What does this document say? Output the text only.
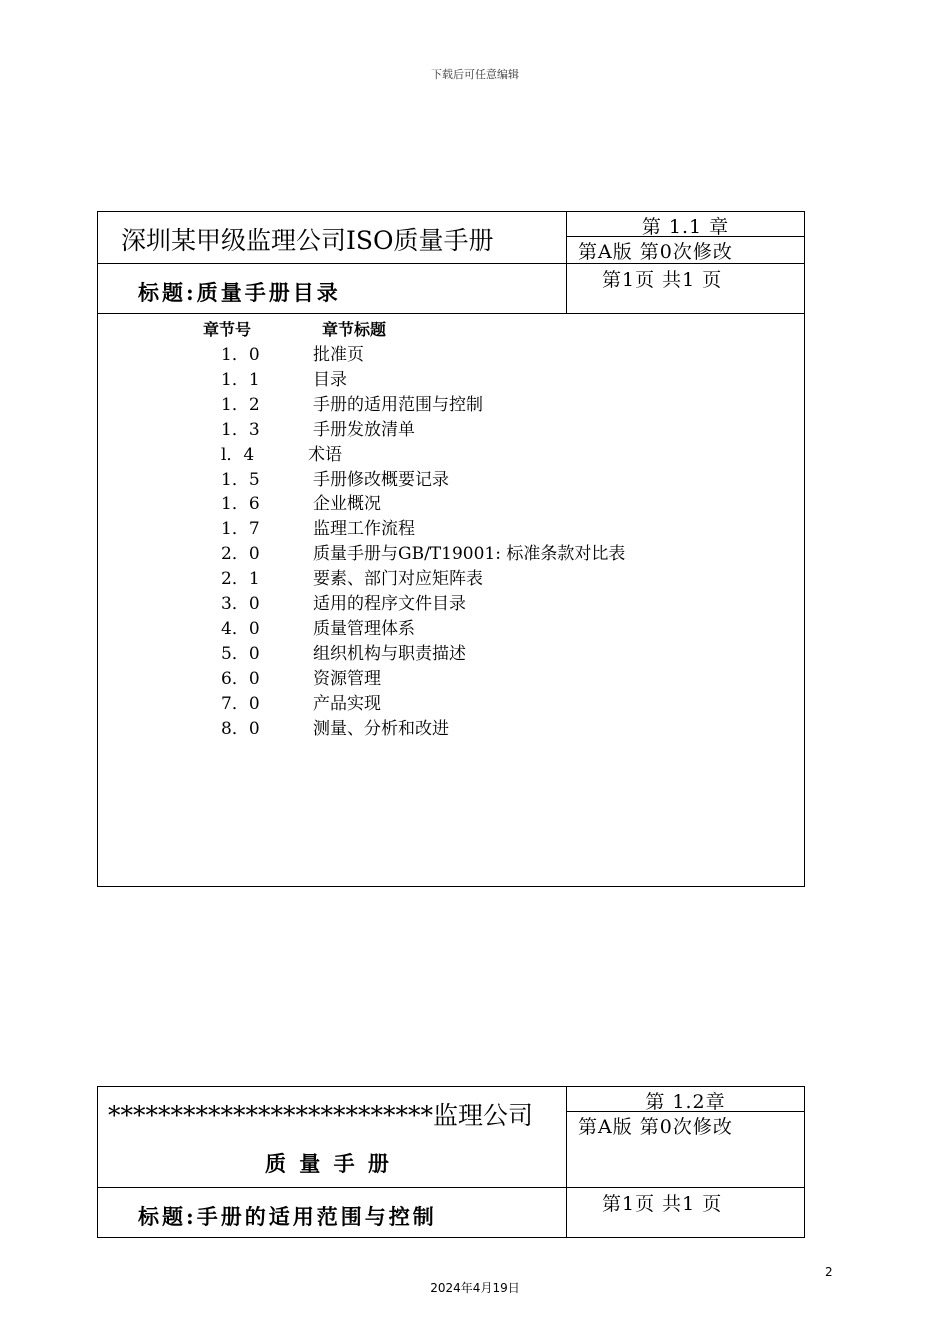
下载后可任意编辑
深圳某甲级监理公司ISO质量手册	第 1.1 章
第A版 第0次修改
第1页 共1 页
标题:质量手册目录
章节号	章节标题
1．0	批准页
1．1	目录
1．2	手册的适用范围与控制
1．3	手册发放清单
l．4	术语
1．5	手册修改概要记录
1．6	企业概况
1．7	监理工作流程
2．0	质量手册与GB/T19001: 标准条款对比表
2．1	要素、部门对应矩阵表
3．0	适用的程序文件目录
4．0	质量管理体系
5．0	组织机构与职责描述
6．0	资源管理
7．0	产品实现
8．0	测量、分析和改进
**************************监理公司
质 量 手 册
第 1.2章
第A版 第0次修改
第1页 共1 页
标题:手册的适用范围与控制
2
2024年4月19日
